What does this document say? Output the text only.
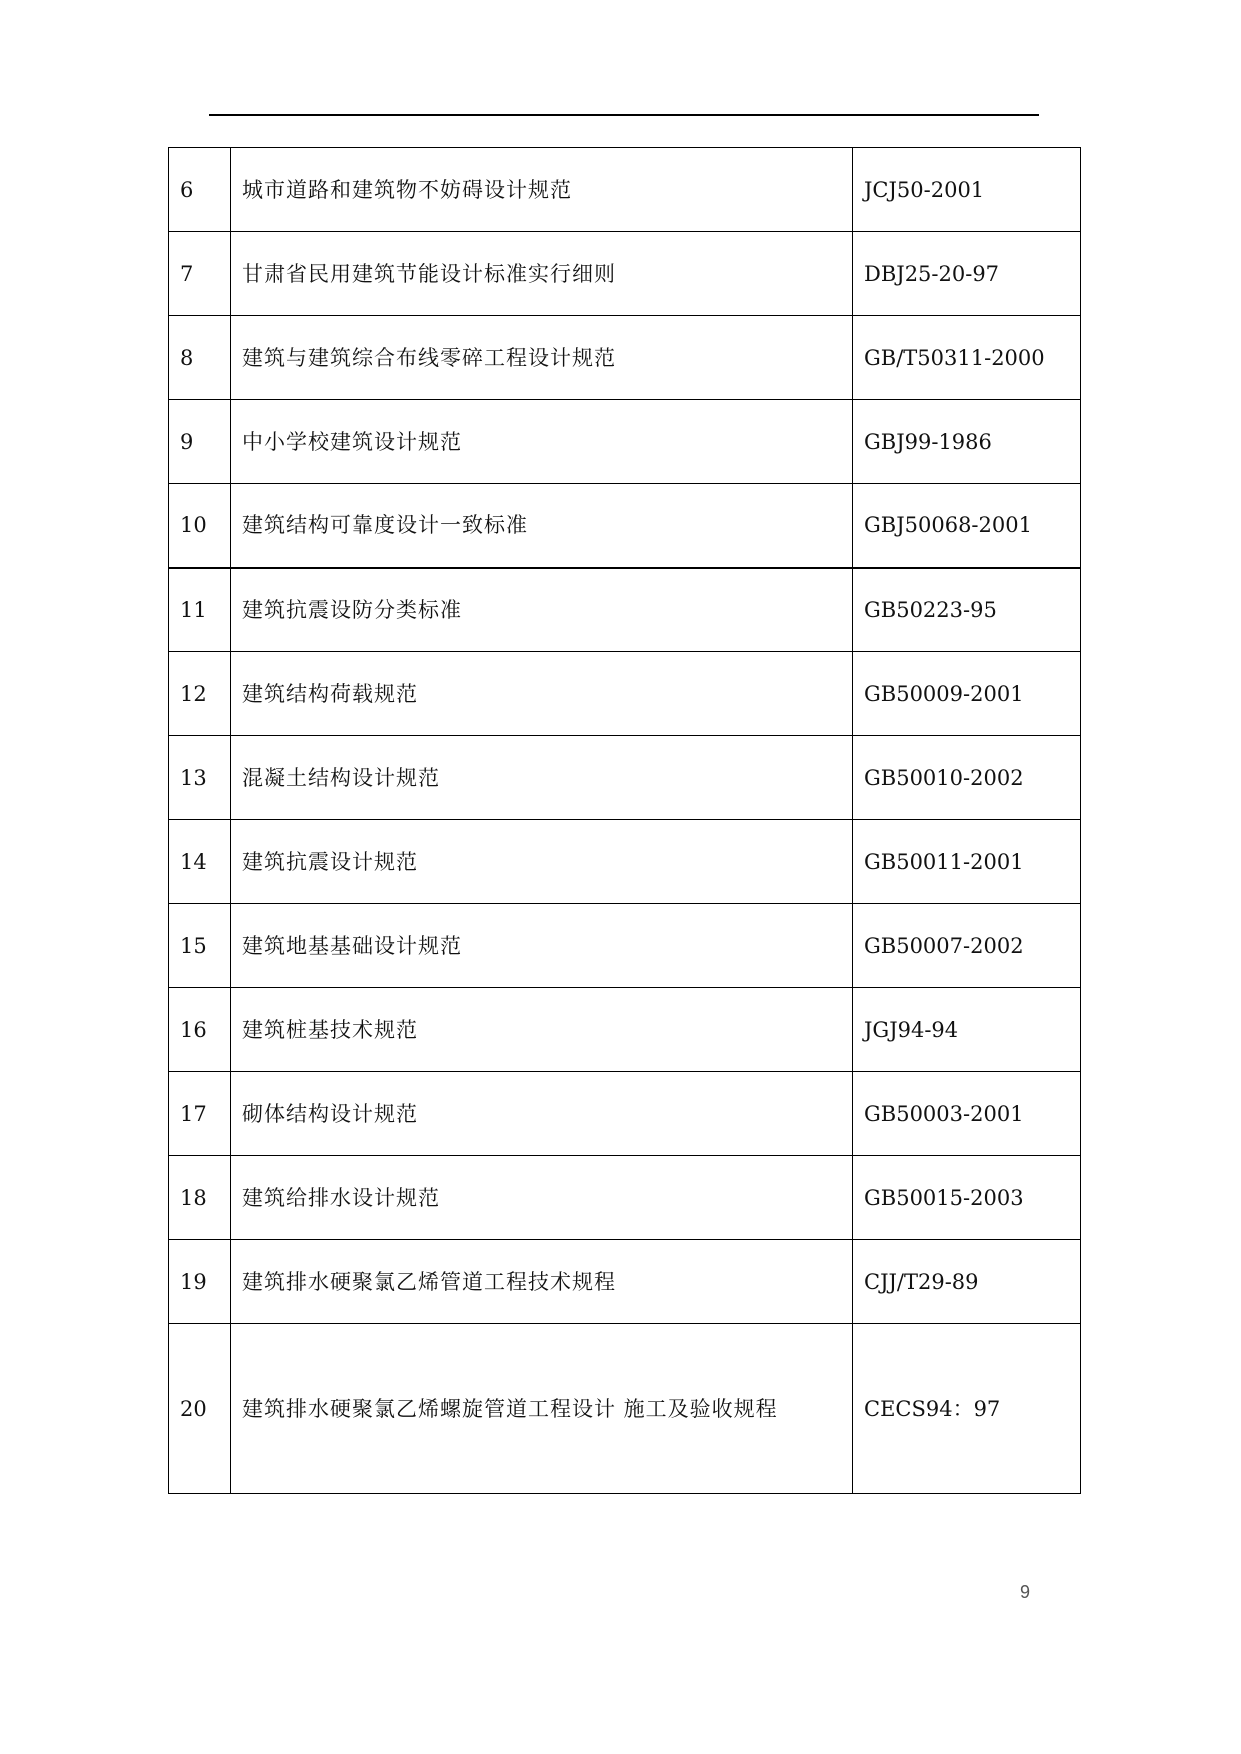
6	城市道路和建筑物不妨碍设计规范	JCJ50-2001
7	甘肃省民用建筑节能设计标准实行细则	DBJ25-20-97
8	建筑与建筑综合布线零碎工程设计规范	GB/T50311-2000
9	中小学校建筑设计规范	GBJ99-1986
10	建筑结构可靠度设计一致标准	GBJ50068-2001
11	建筑抗震设防分类标准	GB50223-95
12	建筑结构荷载规范	GB50009-2001
13	混凝土结构设计规范	GB50010-2002
14	建筑抗震设计规范	GB50011-2001
15	建筑地基基础设计规范	GB50007-2002
16	建筑桩基技术规范	JGJ94-94
17	砌体结构设计规范	GB50003-2001
18	建筑给排水设计规范	GB50015-2003
19	建筑排水硬聚氯乙烯管道工程技术规程	CJJ/T29-89
20	建筑排水硬聚氯乙烯螺旋管道工程设计 施工及验收规程	CECS94：97
9
